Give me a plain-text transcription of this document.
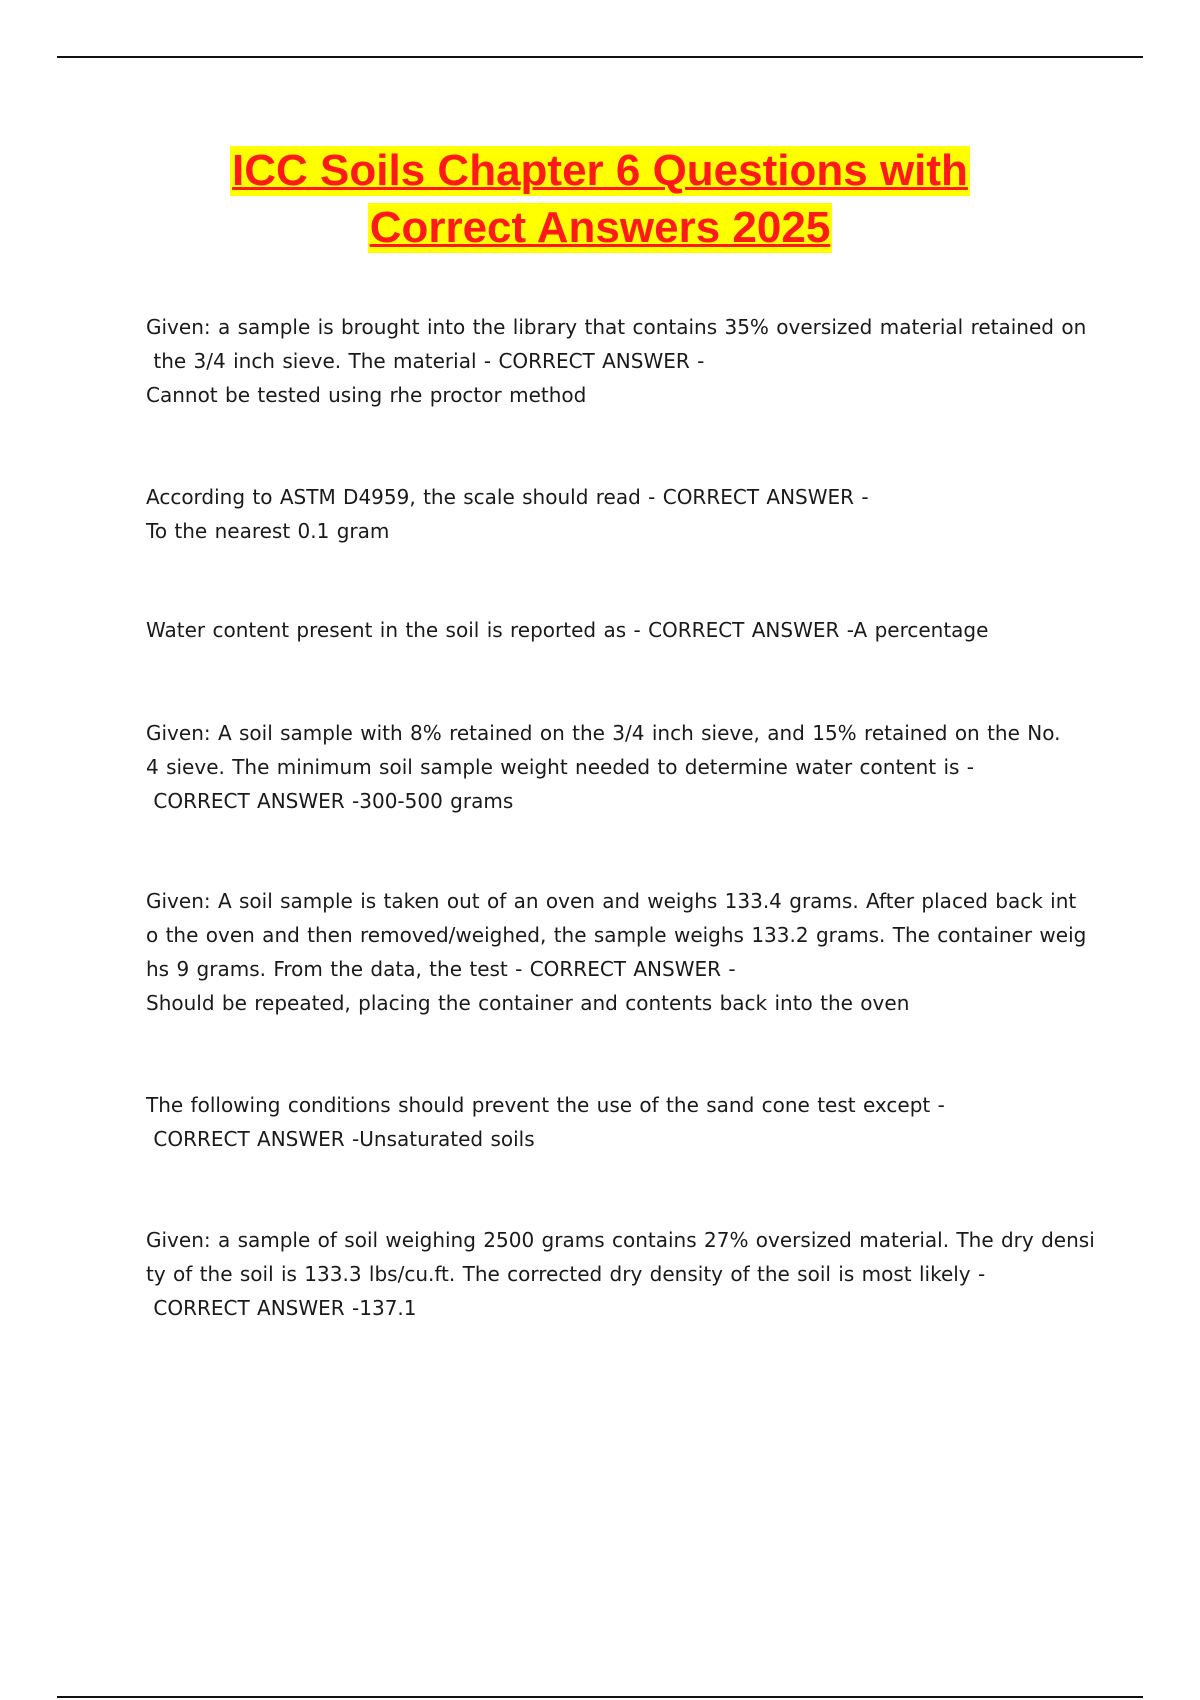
ICC Soils Chapter 6 Questions with
Correct Answers 2025
Given: a sample is brought into the library that contains 35% oversized material retained on
the 3/4 inch sieve. The material - CORRECT ANSWER -
Cannot be tested using rhe proctor method
According to ASTM D4959, the scale should read - CORRECT ANSWER -
To the nearest 0.1 gram
Water content present in the soil is reported as - CORRECT ANSWER -A percentage
Given: A soil sample with 8% retained on the 3/4 inch sieve, and 15% retained on the No.
4 sieve. The minimum soil sample weight needed to determine water content is -
CORRECT ANSWER -300-500 grams
Given: A soil sample is taken out of an oven and weighs 133.4 grams. After placed back int
o the oven and then removed/weighed, the sample weighs 133.2 grams. The container weig
hs 9 grams. From the data, the test - CORRECT ANSWER -
Should be repeated, placing the container and contents back into the oven
The following conditions should prevent the use of the sand cone test except -
CORRECT ANSWER -Unsaturated soils
Given: a sample of soil weighing 2500 grams contains 27% oversized material. The dry densi
ty of the soil is 133.3 lbs/cu.ft. The corrected dry density of the soil is most likely -
CORRECT ANSWER -137.1
